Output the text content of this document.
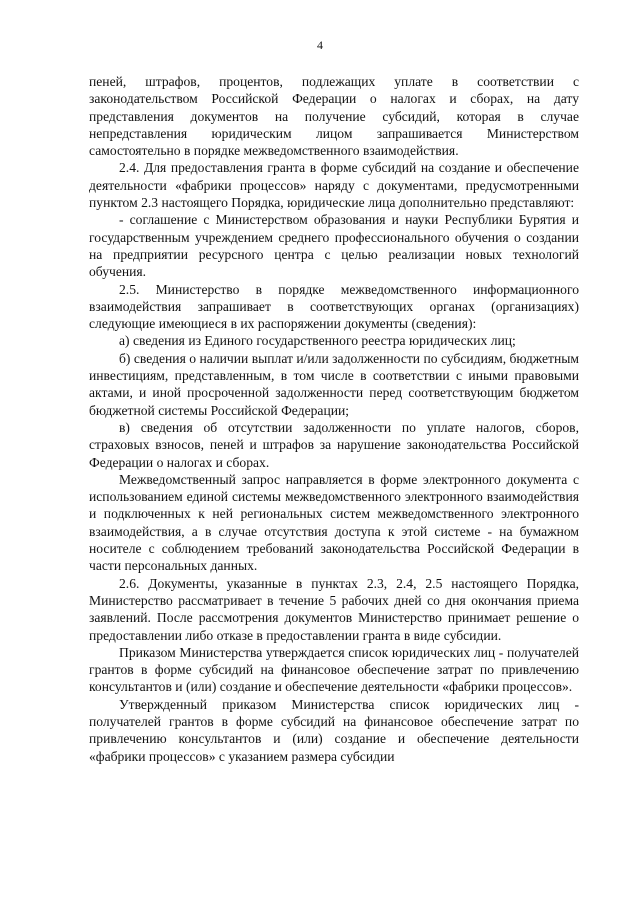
4

пеней, штрафов, процентов, подлежащих уплате в соответствии с законодательством Российской Федерации о налогах и сборах, на дату представления документов на получение субсидий, которая в случае непредставления юридическим лицом запрашивается Министерством самостоятельно в порядке межведомственного взаимодействия.

2.4. Для предоставления гранта в форме субсидий на создание и обеспечение деятельности «фабрики процессов» наряду с документами, предусмотренными пунктом 2.3 настоящего Порядка, юридические лица дополнительно представляют:

- соглашение с Министерством образования и науки Республики Бурятия и государственным учреждением среднего профессионального обучения о создании на предприятии ресурсного центра с целью реализации новых технологий обучения.

2.5. Министерство в порядке межведомственного информационного взаимодействия запрашивает в соответствующих органах (организациях) следующие имеющиеся в их распоряжении документы (сведения):

а) сведения из Единого государственного реестра юридических лиц;

б) сведения о наличии выплат и/или задолженности по субсидиям, бюджетным инвестициям, представленным, в том числе в соответствии с иными правовыми актами, и иной просроченной задолженности перед соответствующим бюджетом бюджетной системы Российской Федерации;

в) сведения об отсутствии задолженности по уплате налогов, сборов, страховых взносов, пеней и штрафов за нарушение законодательства Российской Федерации о налогах и сборах.

Межведомственный запрос направляется в форме электронного документа с использованием единой системы межведомственного электронного взаимодействия и подключенных к ней региональных систем межведомственного электронного взаимодействия, а в случае отсутствия доступа к этой системе - на бумажном носителе с соблюдением требований законодательства Российской Федерации в части персональных данных.

2.6. Документы, указанные в пунктах 2.3, 2.4, 2.5 настоящего Порядка, Министерство рассматривает в течение 5 рабочих дней со дня окончания приема заявлений. После рассмотрения документов Министерство принимает решение о предоставлении либо отказе в предоставлении гранта в виде субсидии.

Приказом Министерства утверждается список юридических лиц - получателей грантов в форме субсидий на финансовое обеспечение затрат по привлечению консультантов и (или) создание и обеспечение деятельности «фабрики процессов».

Утвержденный приказом Министерства список юридических лиц - получателей грантов в форме субсидий на финансовое обеспечение затрат по привлечению консультантов и (или) создание и обеспечение деятельности «фабрики процессов» с указанием размера субсидии
